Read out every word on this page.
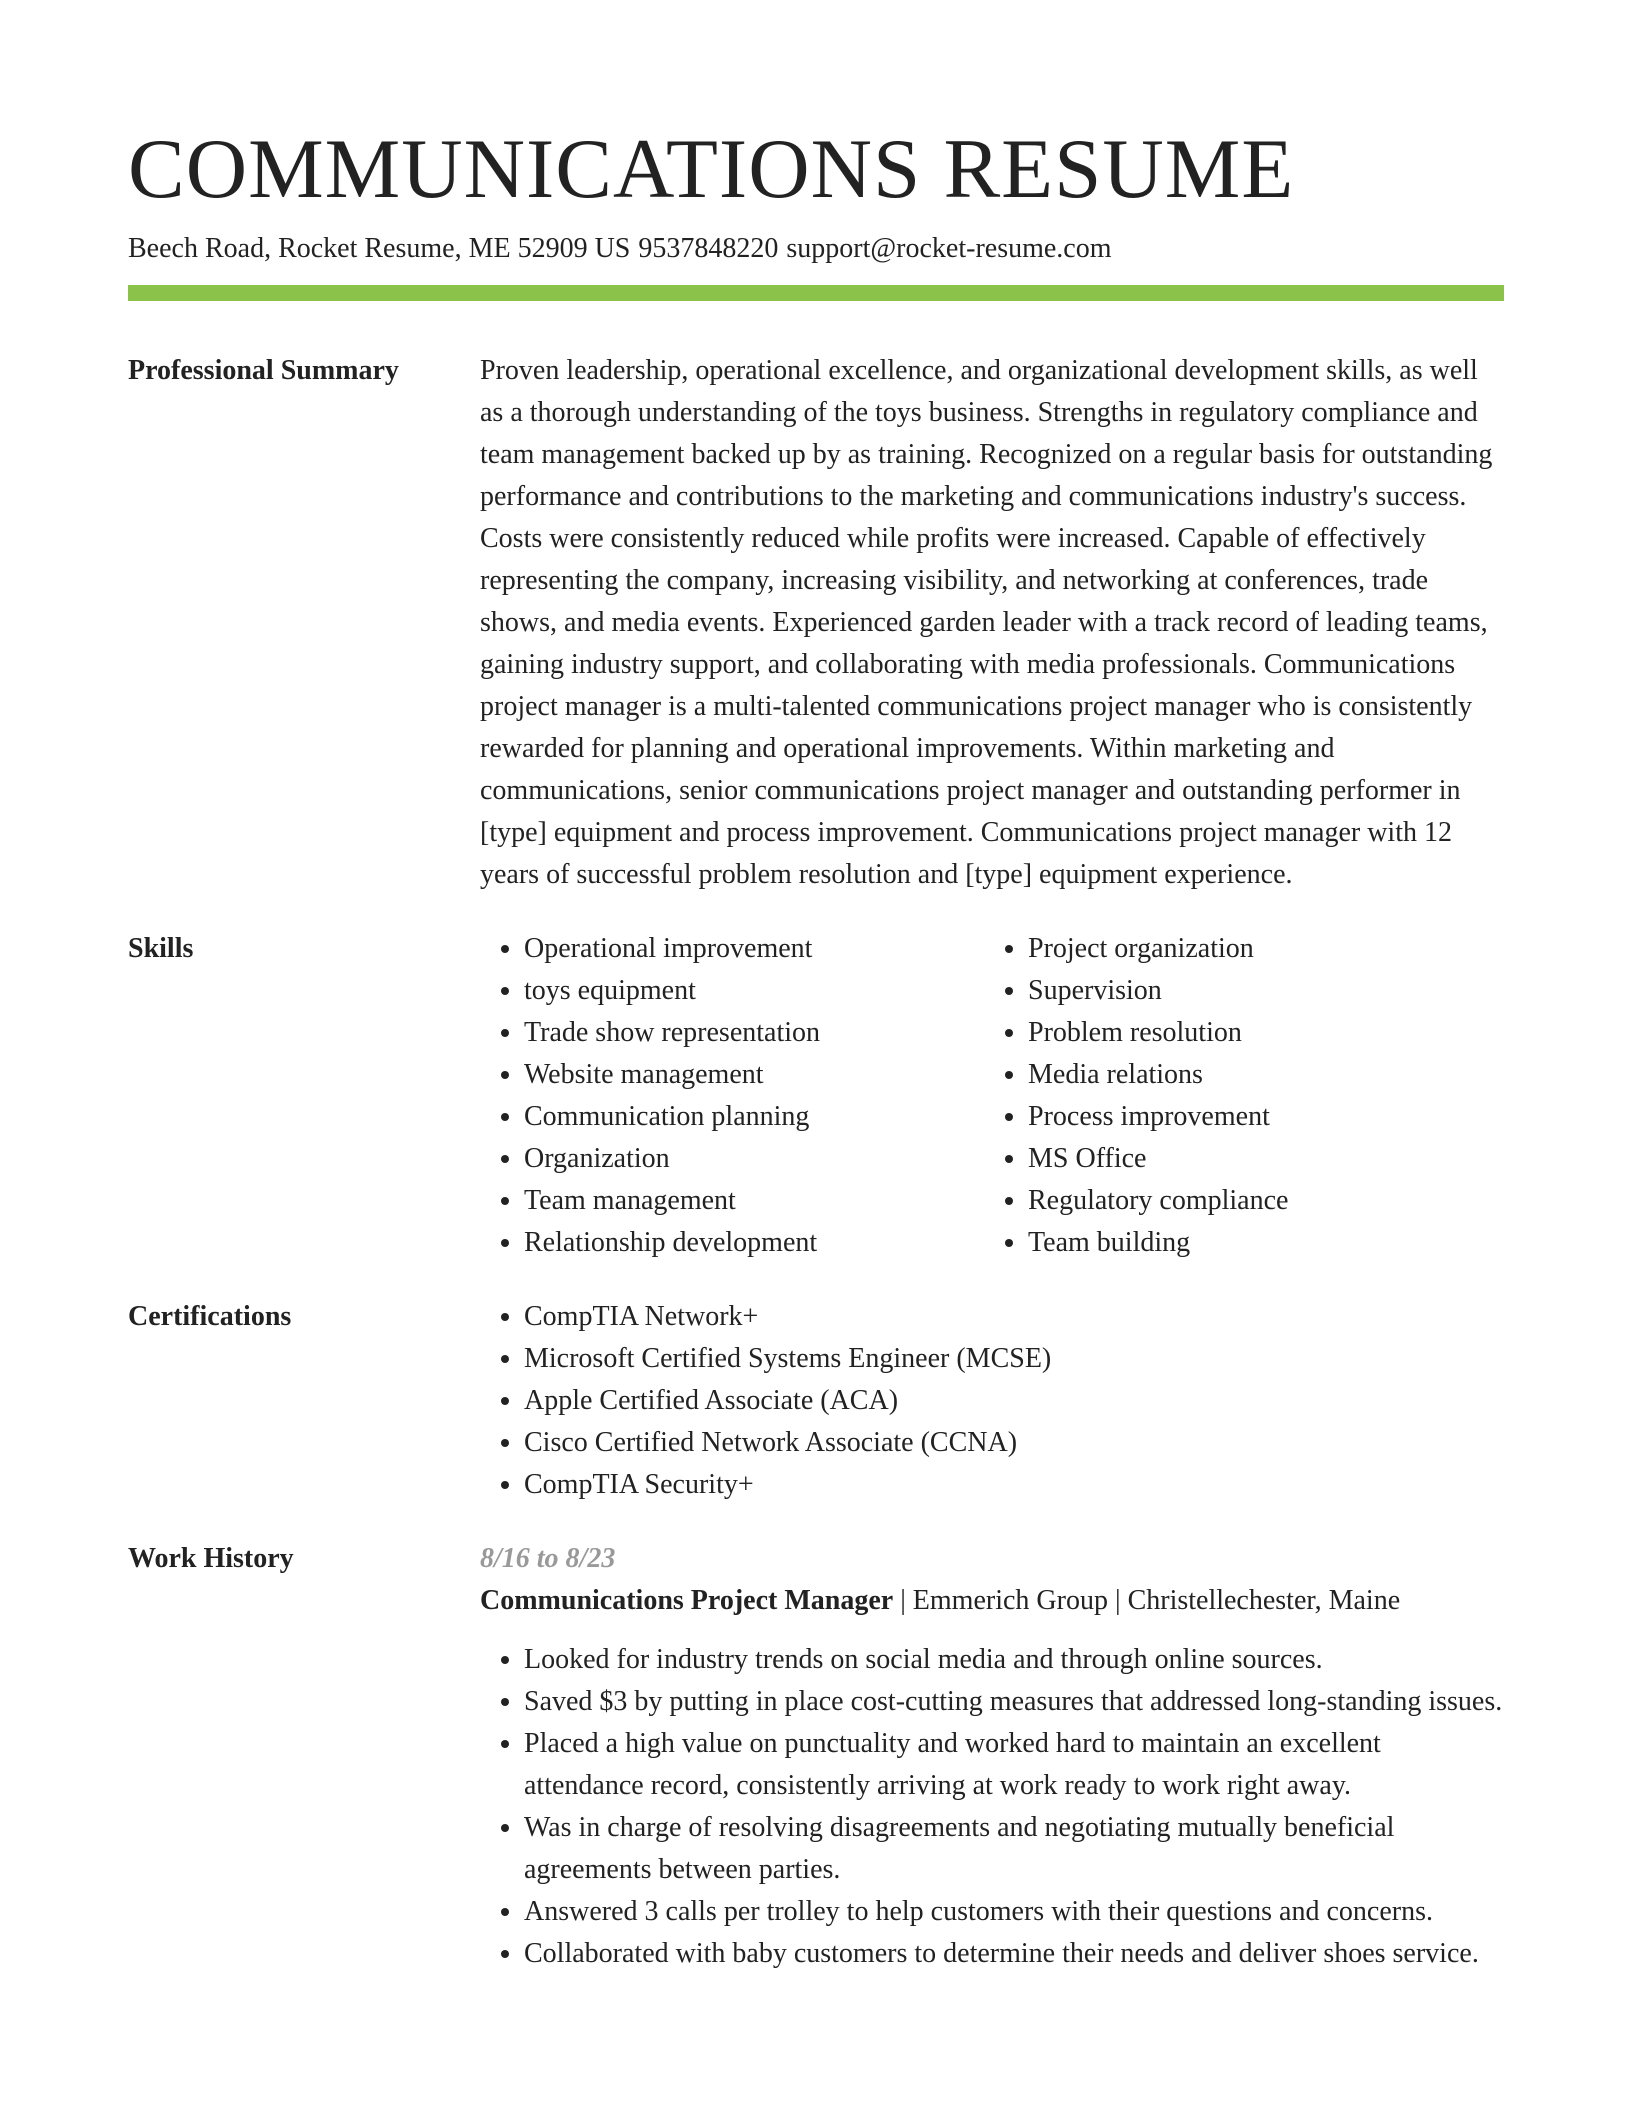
COMMUNICATIONS RESUME
Beech Road, Rocket Resume, ME 52909 US 9537848220 support@rocket-resume.com
Professional Summary	Proven leadership, operational excellence, and organizational development skills, as well as a thorough understanding of the toys business. Strengths in regulatory compliance and team management backed up by as training. Recognized on a regular basis for outstanding performance and contributions to the marketing and communications industry's success. Costs were consistently reduced while profits were increased. Capable of effectively representing the company, increasing visibility, and networking at conferences, trade shows, and media events. Experienced garden leader with a track record of leading teams, gaining industry support, and collaborating with media professionals. Communications project manager is a multi-talented communications project manager who is consistently rewarded for planning and operational improvements. Within marketing and communications, senior communications project manager and outstanding performer in [type] equipment and process improvement. Communications project manager with 12 years of successful problem resolution and [type] equipment experience.

Skills	• Operational improvement
• toys equipment
• Trade show representation
• Website management
• Communication planning
• Organization
• Team management
• Relationship development
• Project organization
• Supervision
• Problem resolution
• Media relations
• Process improvement
• MS Office
• Regulatory compliance
• Team building
Certifications	• CompTIA Network+
• Microsoft Certified Systems Engineer (MCSE)
• Apple Certified Associate (ACA)
• Cisco Certified Network Associate (CCNA)
• CompTIA Security+
Work History	8/16 to 8/23
Communications Project Manager | Emmerich Group | Christellechester, Maine
• Looked for industry trends on social media and through online sources.
• Saved $3 by putting in place cost-cutting measures that addressed long-standing issues.
• Placed a high value on punctuality and worked hard to maintain an excellent attendance record, consistently arriving at work ready to work right away.
• Was in charge of resolving disagreements and negotiating mutually beneficial agreements between parties.
• Answered 3 calls per trolley to help customers with their questions and concerns.
• Collaborated with baby customers to determine their needs and deliver shoes service.
